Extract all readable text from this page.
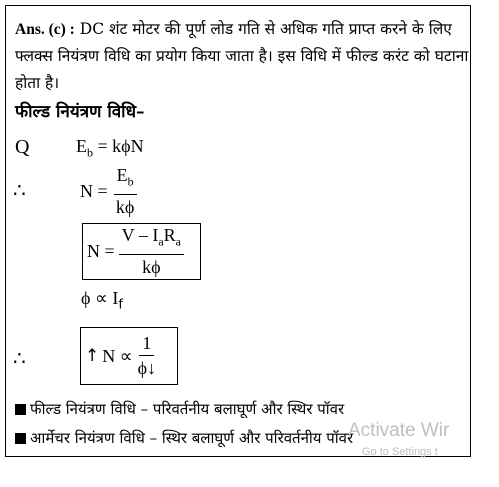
Ans. (c) : DC शंट मोटर की पूर्ण लोड गति से अधिक गति प्राप्त करने के लिए फ्लक्स नियंत्रण विधि का प्रयोग किया जाता है। इस विधि में फील्ड करंट को घटाना होता है।
फील्ड नियंत्रण विधि–
Q	$E_b = k\phi N$
∴	$N = \frac{E_b}{k\phi}$
$N = \frac{V - I_aR_a}{k\phi}$
$\phi \propto I_f$
∴	↑ $N \propto \frac{1}{\phi↓}$
फील्ड नियंत्रण विधि – परिवर्तनीय बलाघूर्ण और स्थिर पॉवर
आर्मेचर नियंत्रण विधि – स्थिर बलाघूर्ण और परिवर्तनीय पॉवर
Activate Wir
Go to Settings t
